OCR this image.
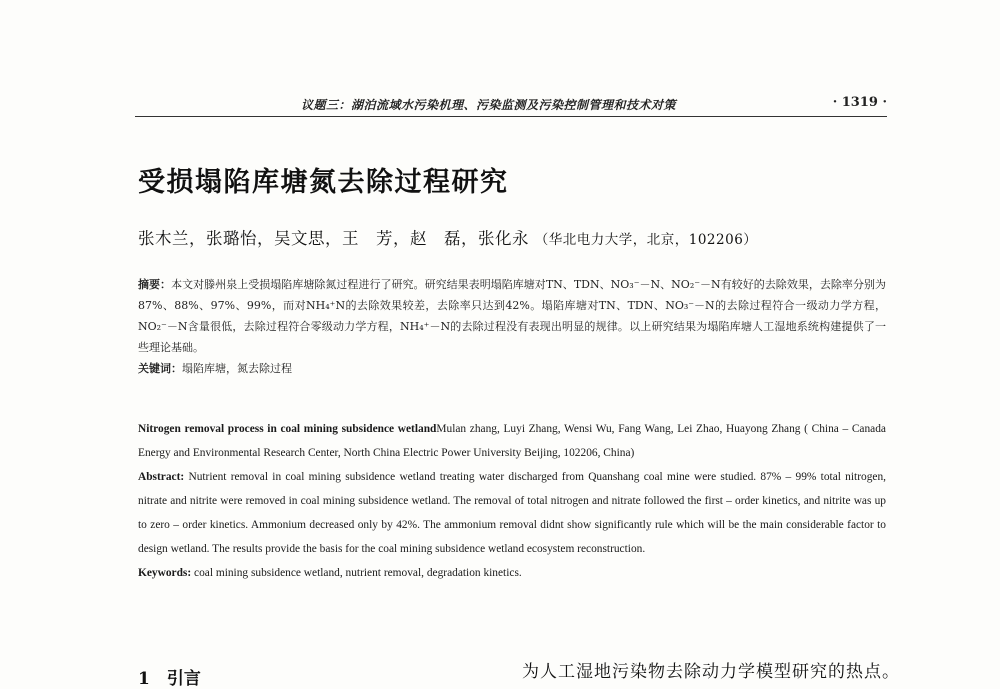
议题三：湖泊流域水污染机理、污染监测及污染控制管理和技术对策	· 1319 ·
受损塌陷库塘氮去除过程研究
张木兰，张璐怡，吴文思，王　芳，赵　磊，张化永 （华北电力大学，北京，102206）

摘要：本文对滕州泉上受损塌陷库塘除氮过程进行了研究。研究结果表明塌陷库塘对TN、TDN、NO₃⁻－N、NO₂⁻－N有较好的去除效果，去除率分别为87%、88%、97%、99%，而对NH₄⁺N的去除效果较差，去除率只达到42%。塌陷库塘对TN、TDN、NO₃⁻－N的去除过程符合一级动力学方程，NO₂⁻－N含量很低，去除过程符合零级动力学方程，NH₄⁺－N的去除过程没有表现出明显的规律。以上研究结果为塌陷库塘人工湿地系统构建提供了一些理论基础。

关键词：塌陷库塘，氮去除过程

Nitrogen removal process in coal mining subsidence wetlandMulan zhang, Luyi Zhang, Wensi Wu, Fang Wang, Lei Zhao, Huayong Zhang ( China – Canada Energy and Environmental Research Center, North China Electric Power University Beijing, 102206, China)

Abstract: Nutrient removal in coal mining subsidence wetland treating water discharged from Quanshang coal mine were studied. 87% – 99% total nitrogen, nitrate and nitrite were removed in coal mining subsidence wetland. The removal of total nitrogen and nitrate followed the first – order kinetics, and nitrite was up to zero – order kinetics. Ammonium decreased only by 42%. The ammonium removal didnt show significantly rule which will be the main considerable factor to design wetland. The results provide the basis for the coal mining subsidence wetland ecosystem reconstruction.

Keywords: coal mining subsidence wetland, nutrient removal, degradation kinetics.

1　引言	为人工湿地污染物去除动力学模型研究的热点。
